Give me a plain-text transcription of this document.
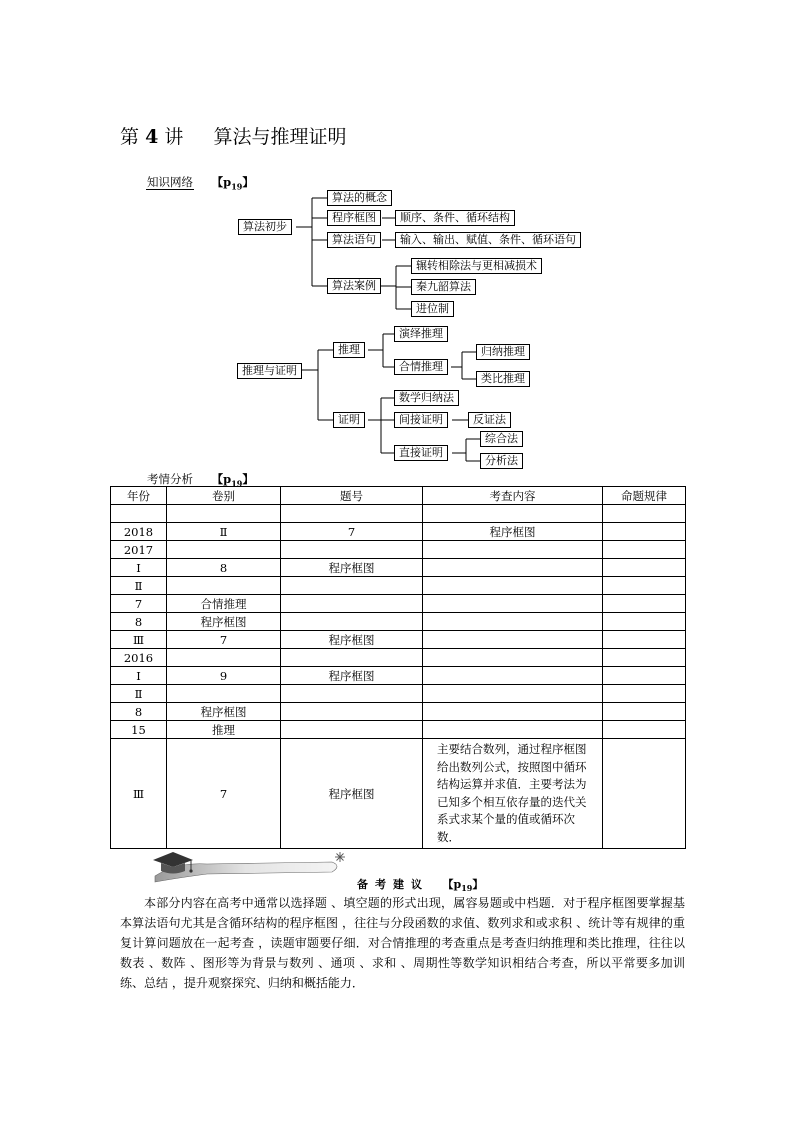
第 4 讲 算法与推理证明
知识网络 【$p_{19}$】
算法初步
算法的概念
程序框图	顺序、条件、循环结构
算法语句	输入、输出、赋值、条件、循环语句
算法案例
辗转相除法与更相减损术
秦九韶算法
进位制
推理与证明
推理
演绎推理
合情推理
归纳推理
类比推理
证明
数学归纳法
间接证明	反证法
直接证明
综合法
分析法
考情分析 【$p_{19}$】
年份	卷别	题号	考查内容	命题规律

2018	Ⅱ	7	程序框图	
2017				
Ⅰ	8	程序框图		
Ⅱ				
7	合情推理			
8	程序框图			
Ⅲ	7	程序框图		
2016				
Ⅰ	9	程序框图		
Ⅱ				
8	程序框图			
15	推理			
Ⅲ	7	程序框图	主要结合数列，通过程序框图给出数列公式，按照图中循环结构运算并求值．主要考法为已知多个相互依存量的迭代关系式求某个量的值或循环次数．	
备考建议 【$p_{19}$】
本部分内容在高考中通常以选择题 、填空题的形式出现，属容易题或中档题．对于程序框图要掌握基本算法语句尤其是含循环结构的程序框图 ，往往与分段函数的求值、数列求和或求积 、统计等有规律的重复计算问题放在一起考查 ，读题审题要仔细．对合情推理的考查重点是考查归纳推理和类比推理，往往以数表 、数阵 、图形等为背景与数列 、通项 、求和 、周期性等数学知识相结合考查，所以平常要多加训练、总结 ，提升观察探究、归纳和概括能力．
